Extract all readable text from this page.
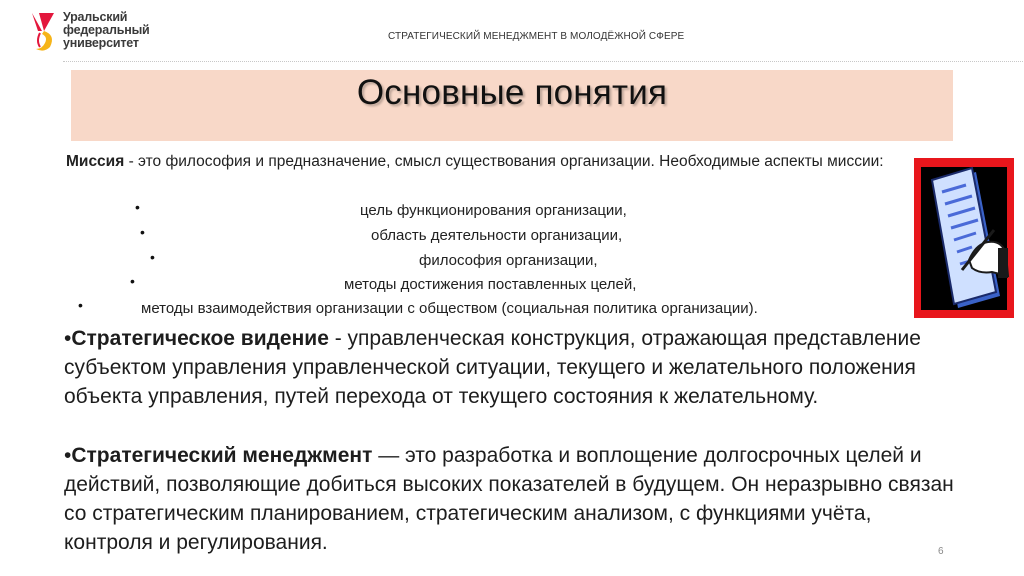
Уральский
федеральный
университет	СТРАТЕГИЧЕСКИЙ МЕНЕДЖМЕНТ В МОЛОДЁЖНОЙ СФЕРЕ
Основные понятия
Миссия - это философия и предназначение, смысл существования организации. Необходимые аспекты миссии:
•	цель функционирования организации,
•	область деятельности организации,
•	философия организации,
•	методы достижения поставленных целей,
•	методы взаимодействия организации с обществом (социальная политика организации).
•Стратегическое видение - управленческая конструкция, отражающая представление субъектом управления управленческой ситуации, текущего и желательного положения объекта управления, путей перехода от текущего состояния к желательному.
•Стратегический менеджмент — это разработка и воплощение долгосрочных целей и действий, позволяющие добиться высоких показателей в будущем. Он неразрывно связан со стратегическим планированием, стратегическим анализом, с функциями учёта, контроля и регулирования.	6
